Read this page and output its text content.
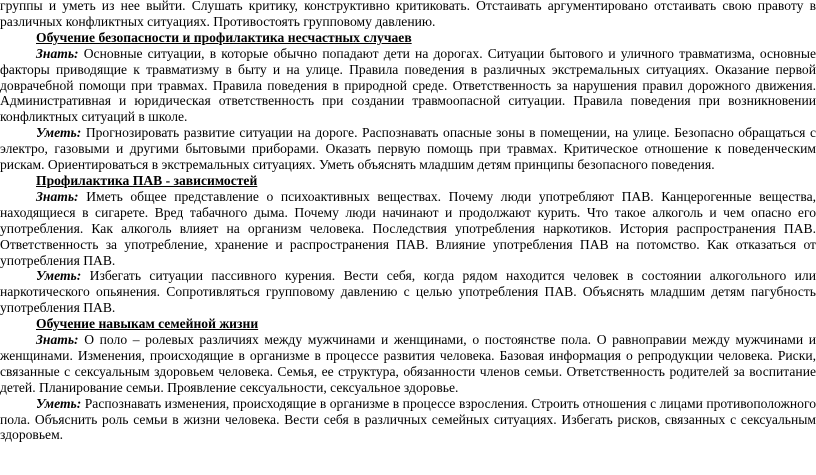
группы и уметь из нее выйти. Слушать критику, конструктивно критиковать. Отстаивать аргументировано отстаивать свою правоту в различных конфликтных ситуациях. Противостоять групповому давлению.

Обучение безопасности и профилактика несчастных случаев

Знать: Основные ситуации, в которые обычно попадают дети на дорогах. Ситуации бытового и уличного травматизма, основные факторы приводящие к травматизму в быту и на улице. Правила поведения в различных экстремальных ситуациях. Оказание первой доврачебной помощи при травмах. Правила поведения в природной среде. Ответственность за нарушения правил дорожного движения. Административная и юридическая ответственность при создании травмоопасной ситуации. Правила поведения при возникновении конфликтных ситуаций в школе.

Уметь: Прогнозировать развитие ситуации на дороге. Распознавать опасные зоны в помещении, на улице. Безопасно обращаться с электро, газовыми и другими бытовыми приборами. Оказать первую помощь при травмах. Критическое отношение к поведенческим рискам. Ориентироваться в экстремальных ситуациях. Уметь объяснять младшим детям принципы безопасного поведения.

Профилактика ПАВ - зависимостей

Знать: Иметь общее представление о психоактивных веществах. Почему люди употребляют ПАВ. Канцерогенные вещества, находящиеся в сигарете. Вред табачного дыма. Почему люди начинают и продолжают курить. Что такое алкоголь и чем опасно его употребления. Как алкоголь влияет на организм человека. Последствия употребления наркотиков. История распространения ПАВ. Ответственность за употребление, хранение и распространения ПАВ. Влияние употребления ПАВ на потомство. Как отказаться от употребления ПАВ.

Уметь: Избегать ситуации пассивного курения. Вести себя, когда рядом находится человек в состоянии алкогольного или наркотического опьянения. Сопротивляться групповому давлению с целью употребления ПАВ. Объяснять младшим детям пагубность употребления ПАВ.

Обучение навыкам семейной жизни

Знать: О поло – ролевых различиях между мужчинами и женщинами, о постоянстве пола. О равноправии между мужчинами и женщинами. Изменения, происходящие в организме в процессе развития человека. Базовая информация о репродукции человека. Риски, связанные с сексуальным здоровьем человека. Семья, ее структура, обязанности членов семьи. Ответственность родителей за воспитание детей. Планирование семьи. Проявление сексуальности, сексуальное здоровье.

Уметь: Распознавать изменения, происходящие в организме в процессе взросления. Строить отношения с лицами противоположного пола. Объяснить роль семьи в жизни человека. Вести себя в различных семейных ситуациях. Избегать рисков, связанных с сексуальным здоровьем.
